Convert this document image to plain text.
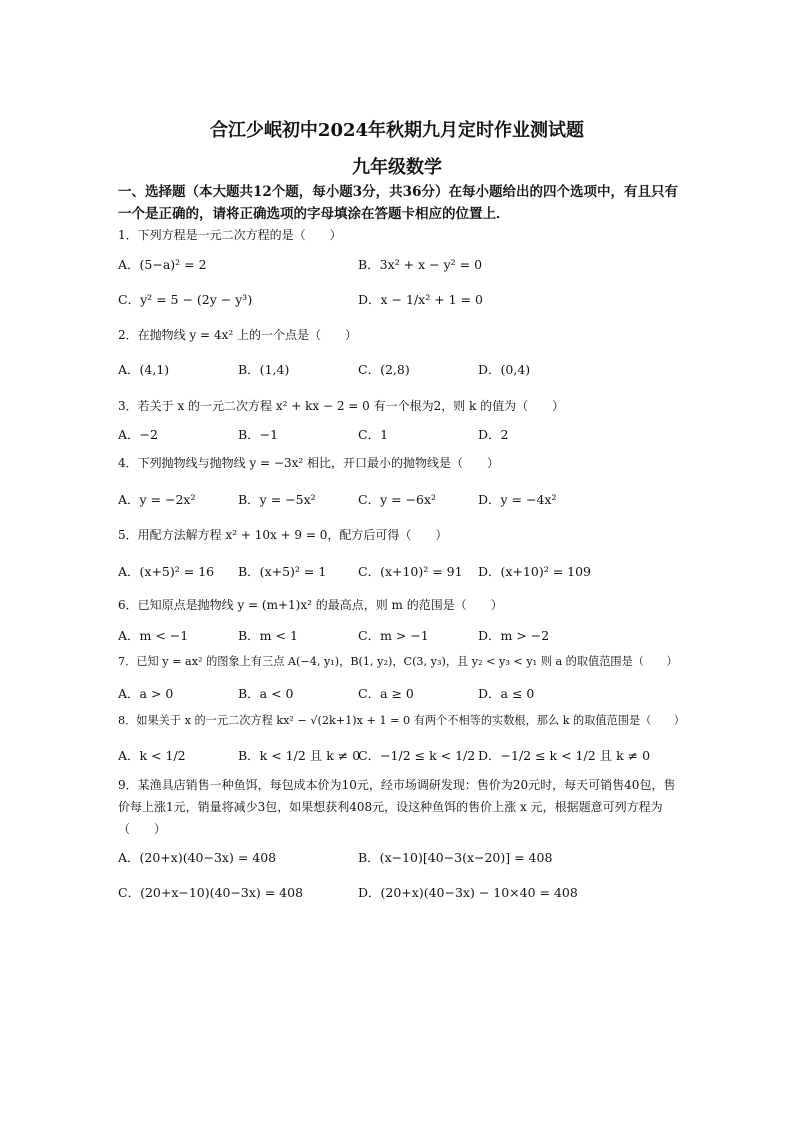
合江少岷初中2024年秋期九月定时作业测试题
九年级数学
一、选择题（本大题共12个题，每小题3分，共36分）在每小题给出的四个选项中，有且只有一个是正确的，请将正确选项的字母填涂在答题卡相应的位置上．
1．下列方程是一元二次方程的是（　　）
A．(5−a)² = 2	B．3x² + x − y² = 0
C．y² = 5 − (2y − y³)	D．x − 1/x² + 1 = 0
2．在抛物线 y = 4x² 上的一个点是（　　）
A．(4,1)	B．(1,4)	C．(2,8)	D．(0,4)
3．若关于 x 的一元二次方程 x² + kx − 2 = 0 有一个根为2，则 k 的值为（　　）
A．−2	B．−1	C．1	D．2
4．下列抛物线与抛物线 y = −3x² 相比，开口最小的抛物线是（　　）
A．y = −2x²	B．y = −5x²	C．y = −6x²	D．y = −4x²
5．用配方法解方程 x² + 10x + 9 = 0，配方后可得（　　）
A．(x+5)² = 16 B．(x+5)² = 1	C．(x+10)² = 91 D．(x+10)² = 109
6．已知原点是抛物线 y = (m+1)x² 的最高点，则 m 的范围是（　　）
A．m < −1	B．m < 1	C．m > −1	D．m > −2
7．已知 y = ax² 的图象上有三点 A(−4, y₁)，B(1, y₂)，C(3, y₃)，且 y₂ < y₃ < y₁ 则 a 的取值范围是（　　）
A．a > 0	B．a < 0	C．a ≥ 0	D．a ≤ 0
8．如果关于 x 的一元二次方程 kx² − √(2k+1)x + 1 = 0 有两个不相等的实数根，那么 k 的取值范围是（　　）
A．k < 1/2	B．k < 1/2 且 k ≠ 0
C．−1/2 ≤ k < 1/2 D．−1/2 ≤ k < 1/2 且 k ≠ 0
9．某渔具店销售一种鱼饵，每包成本价为10元，经市场调研发现：售价为20元时，每天可销售40包，售价每上涨1元，销量将减少3包，如果想获利408元，设这种鱼饵的售价上涨 x 元，根据题意可列方程为（　　）
A．(20+x)(40−3x) = 408	B．(x−10)[40−3(x−20)] = 408
C．(20+x−10)(40−3x) = 408	D．(20+x)(40−3x) − 10×40 = 408
